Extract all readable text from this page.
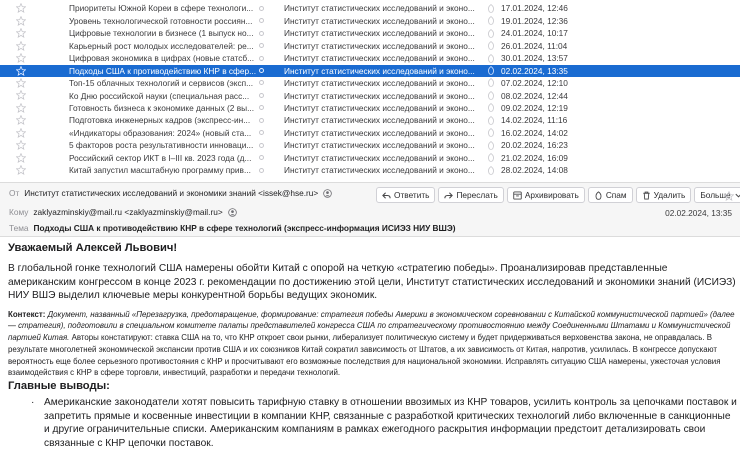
Приоритеты Южной Кореи в сфере технологи...	Институт статистических исследований и эконо...	17.01.2024, 12:46
Уровень технологической готовности россиян...	Институт статистических исследований и эконо...	19.01.2024, 12:36
Цифровые технологии в бизнесе (1 выпуск но...	Институт статистических исследований и эконо...	24.01.2024, 10:17
Карьерный рост молодых исследователей: ре...	Институт статистических исследований и эконо...	26.01.2024, 11:04
Цифровая экономика в цифрах (новые статсб...	Институт статистических исследований и эконо...	30.01.2024, 13:57
Подходы США к противодействию КНР в сфер...	Институт статистических исследований и эконо...	02.02.2024, 13:35
Топ-15 облачных технологий и сервисов (эксп...	Институт статистических исследований и эконо...	07.02.2024, 12:10
Ко Дню российской науки (специальная расс...	Институт статистических исследований и эконо...	08.02.2024, 12:44
Готовность бизнеса к экономике данных (2 вы...	Институт статистических исследований и эконо...	09.02.2024, 12:19
Подготовка инженерных кадров (экспресс-ин...	Институт статистических исследований и эконо...	14.02.2024, 11:16
«Индикаторы образования: 2024» (новый ста...	Институт статистических исследований и эконо...	16.02.2024, 14:02
5 факторов роста результативности инноваци...	Институт статистических исследований и эконо...	20.02.2024, 16:23
Российский сектор ИКТ в I–III кв. 2023 года (д...	Институт статистических исследований и эконо...	21.02.2024, 16:09
Китай запустил масштабную программу прив...	Институт статистических исследований и эконо...	28.02.2024, 14:08
От Институт статистических исследований и экономики знаний <issek@hse.ru>	Ответить	Переслать	Архивировать	Спам	Удалить Больше
Кому zaklyazminskiy@mail.ru <zaklyazminskiy@mail.ru>	02.02.2024, 13:35
Тема Подходы США к противодействию КНР в сфере технологий (экспресс-информация ИСИЭЗ НИУ ВШЭ)
Уважаемый Алексей Львович!
В глобальной гонке технологий США намерены обойти Китай с опорой на четкую «стратегию победы». Проанализировав представленные американским конгрессом в конце 2023 г. рекомендации по достижению этой цели, Институт статистических исследований и экономики знаний (ИСИЭЗ) НИУ ВШЭ выделил ключевые меры конкурентной борьбы ведущих экономик.
Контекст: Документ, названный «Перезагрузка, предотвращение, формирование: стратегия победы Америки в экономическом соревновании с Китайской коммунистической партией» (далее — стратегия), подготовили в специальном комитете палаты представителей конгресса США по стратегическому противостоянию между Соединенными Штатами и Коммунистической партией Китая. Авторы констатируют: ставка США на то, что КНР откроет свои рынки, либерализует политическую систему и будет придерживаться верховенства закона, не оправдалась. В результате многолетней экономической экспансии против США и их союзников Китай сократил зависимость от Штатов, а их зависимость от Китая, напротив, усилилась. В конгрессе допускают вероятность еще более серьезного противостояния с КНР и просчитывают его возможные последствия для национальной экономики. Исправлять ситуацию США намерены, ужесточая условия взаимодействия с КНР в сфере торговли, инвестиций, разработки и передачи технологий.
Главные выводы:
· Американские законодатели хотят повысить тарифную ставку в отношении ввозимых из КНР товаров, усилить контроль за цепочками поставок и запретить прямые и косвенные инвестиции в компании КНР, связанные с разработкой критических технологий либо включенные в санкционные и другие ограничительные списки. Американским компаниям в рамках ежегодного раскрытия информации предстоит детализировать свои связанные с КНР цепочки поставок.
